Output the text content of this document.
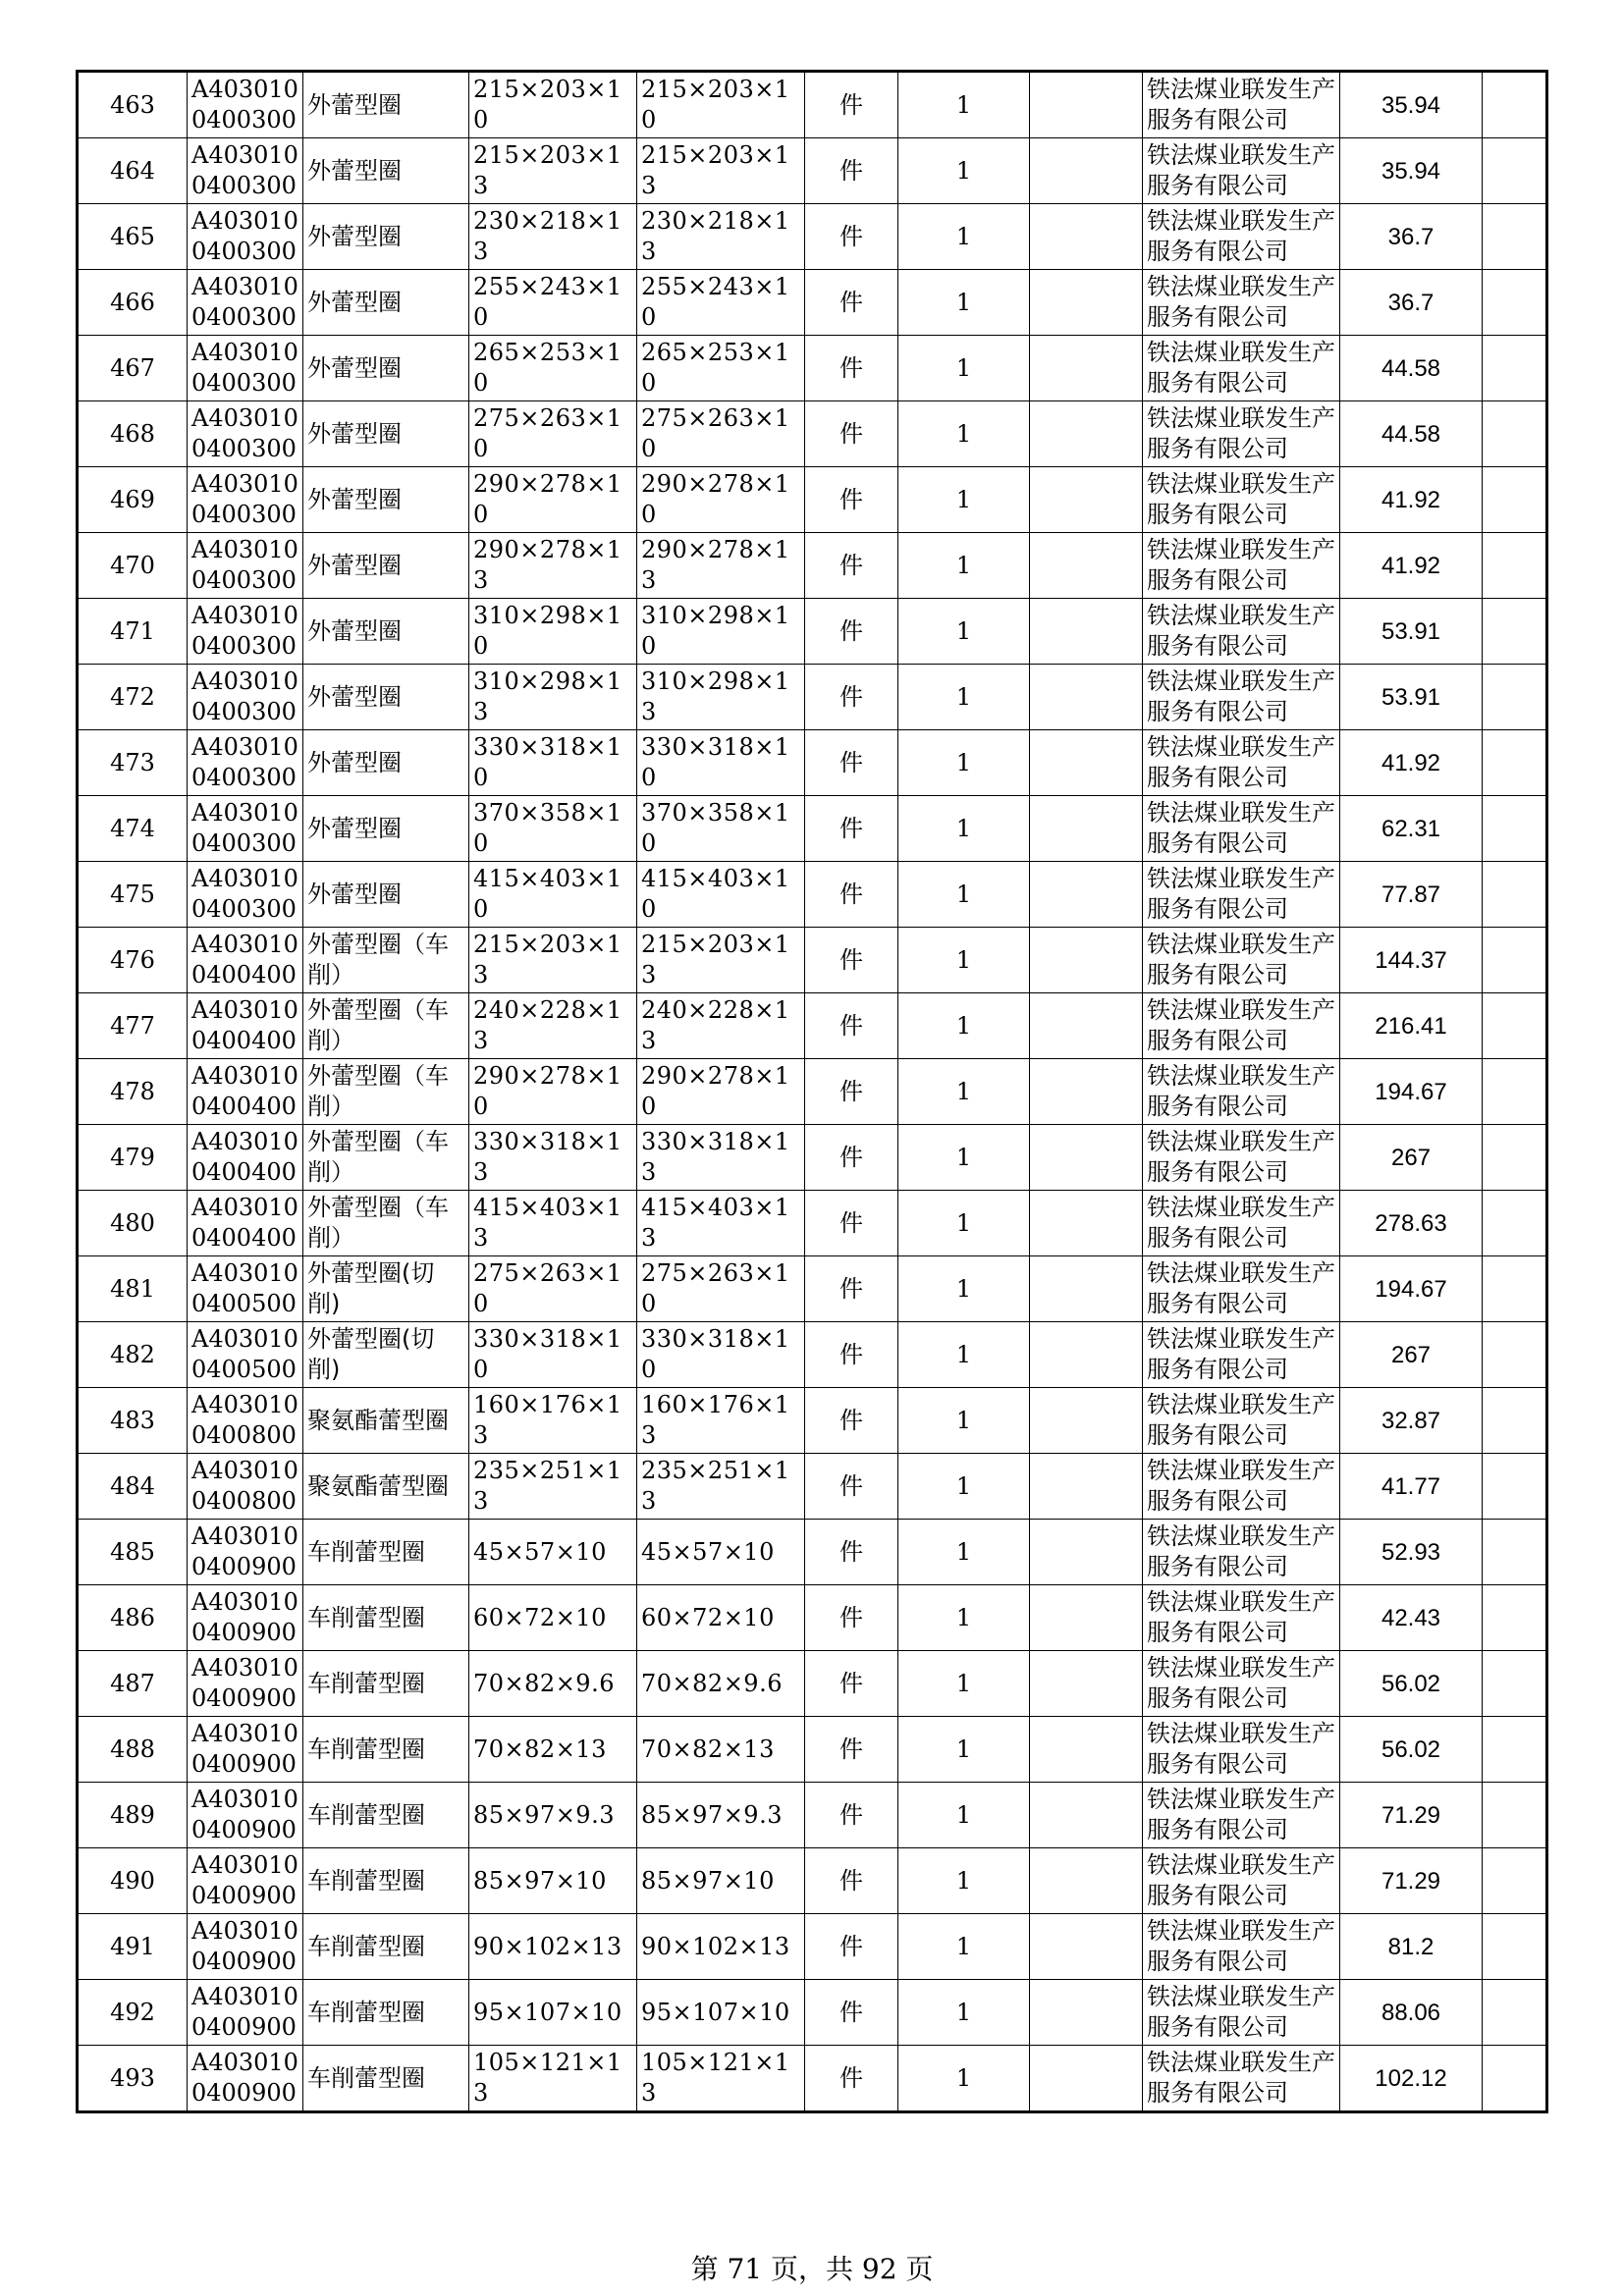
463	A403010 0400300	外蕾型圈	215×203×10	215×203×10	件	1		铁法煤业联发生产服务有限公司	35.94	
464	A403010 0400300	外蕾型圈	215×203×13	215×203×13	件	1		铁法煤业联发生产服务有限公司	35.94	
465	A403010 0400300	外蕾型圈	230×218×13	230×218×13	件	1		铁法煤业联发生产服务有限公司	36.7	
466	A403010 0400300	外蕾型圈	255×243×10	255×243×10	件	1		铁法煤业联发生产服务有限公司	36.7	
467	A403010 0400300	外蕾型圈	265×253×10	265×253×10	件	1		铁法煤业联发生产服务有限公司	44.58	
468	A403010 0400300	外蕾型圈	275×263×10	275×263×10	件	1		铁法煤业联发生产服务有限公司	44.58	
469	A403010 0400300	外蕾型圈	290×278×10	290×278×10	件	1		铁法煤业联发生产服务有限公司	41.92	
470	A403010 0400300	外蕾型圈	290×278×13	290×278×13	件	1		铁法煤业联发生产服务有限公司	41.92	
471	A403010 0400300	外蕾型圈	310×298×10	310×298×10	件	1		铁法煤业联发生产服务有限公司	53.91	
472	A403010 0400300	外蕾型圈	310×298×13	310×298×13	件	1		铁法煤业联发生产服务有限公司	53.91	
473	A403010 0400300	外蕾型圈	330×318×10	330×318×10	件	1		铁法煤业联发生产服务有限公司	41.92	
474	A403010 0400300	外蕾型圈	370×358×10	370×358×10	件	1		铁法煤业联发生产服务有限公司	62.31	
475	A403010 0400300	外蕾型圈	415×403×10	415×403×10	件	1		铁法煤业联发生产服务有限公司	77.87	
476	A403010 0400400	外蕾型圈（车削）	215×203×13	215×203×13	件	1		铁法煤业联发生产服务有限公司	144.37	
477	A403010 0400400	外蕾型圈（车削）	240×228×13	240×228×13	件	1		铁法煤业联发生产服务有限公司	216.41	
478	A403010 0400400	外蕾型圈（车削）	290×278×10	290×278×10	件	1		铁法煤业联发生产服务有限公司	194.67	
479	A403010 0400400	外蕾型圈（车削）	330×318×13	330×318×13	件	1		铁法煤业联发生产服务有限公司	267	
480	A403010 0400400	外蕾型圈（车削）	415×403×13	415×403×13	件	1		铁法煤业联发生产服务有限公司	278.63	
481	A403010 0400500	外蕾型圈(切削)	275×263×10	275×263×10	件	1		铁法煤业联发生产服务有限公司	194.67	
482	A403010 0400500	外蕾型圈(切削)	330×318×10	330×318×10	件	1		铁法煤业联发生产服务有限公司	267	
483	A403010 0400800	聚氨酯蕾型圈	160×176×13	160×176×13	件	1		铁法煤业联发生产服务有限公司	32.87	
484	A403010 0400800	聚氨酯蕾型圈	235×251×13	235×251×13	件	1		铁法煤业联发生产服务有限公司	41.77	
485	A403010 0400900	车削蕾型圈	45×57×10	45×57×10	件	1		铁法煤业联发生产服务有限公司	52.93	
486	A403010 0400900	车削蕾型圈	60×72×10	60×72×10	件	1		铁法煤业联发生产服务有限公司	42.43	
487	A403010 0400900	车削蕾型圈	70×82×9.6	70×82×9.6	件	1		铁法煤业联发生产服务有限公司	56.02	
488	A403010 0400900	车削蕾型圈	70×82×13	70×82×13	件	1		铁法煤业联发生产服务有限公司	56.02	
489	A403010 0400900	车削蕾型圈	85×97×9.3	85×97×9.3	件	1		铁法煤业联发生产服务有限公司	71.29	
490	A403010 0400900	车削蕾型圈	85×97×10	85×97×10	件	1		铁法煤业联发生产服务有限公司	71.29	
491	A403010 0400900	车削蕾型圈	90×102×13	90×102×13	件	1		铁法煤业联发生产服务有限公司	81.2	
492	A403010 0400900	车削蕾型圈	95×107×10	95×107×10	件	1		铁法煤业联发生产服务有限公司	88.06	
493	A403010 0400900	车削蕾型圈	105×121×13	105×121×13	件	1		铁法煤业联发生产服务有限公司	102.12	
第 71 页，共 92 页
